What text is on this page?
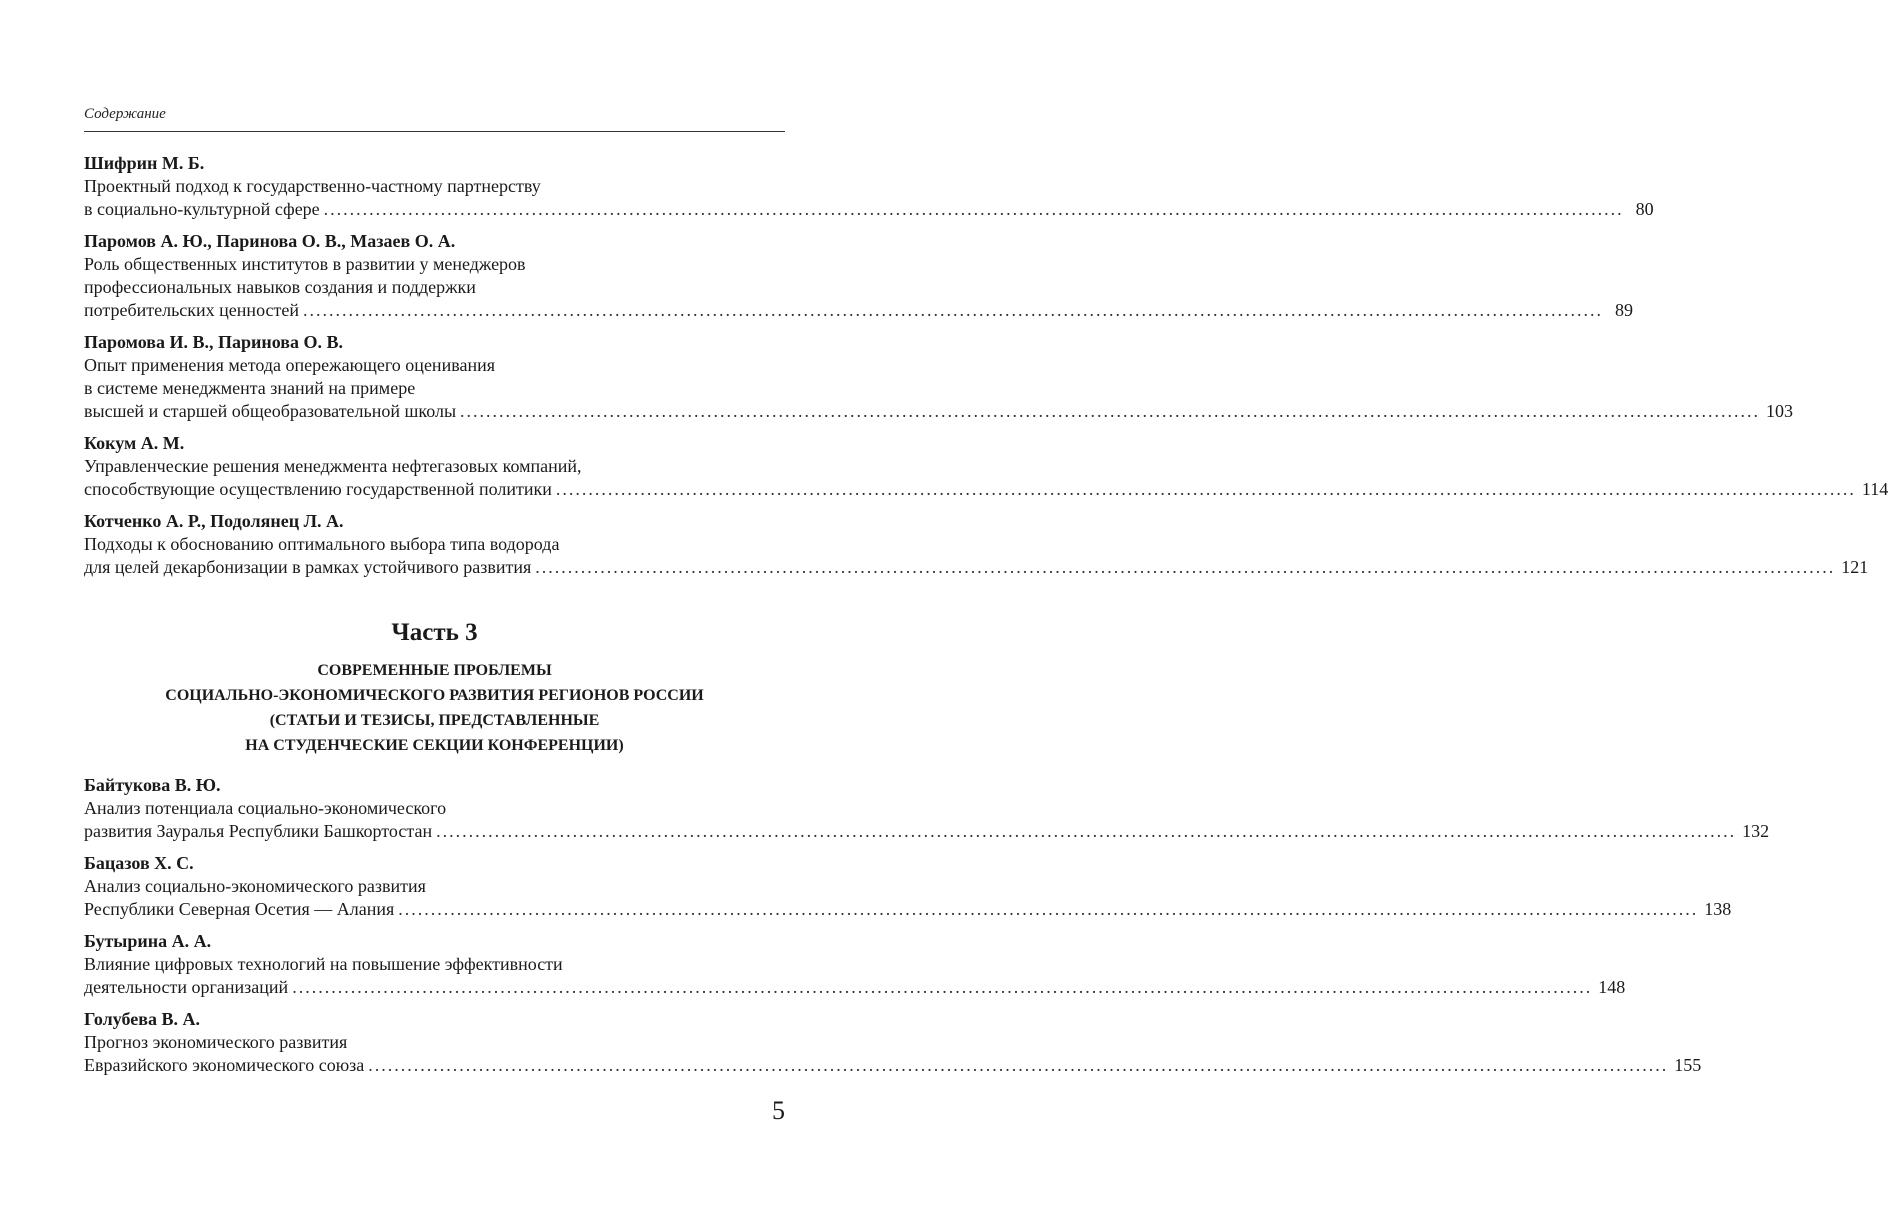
Содержание
Шифрин М. Б.
Проектный подход к государственно-частному партнерству
в социально-культурной сфере ........................................................................................................................................................................................................ 80
Паромов А. Ю., Паринова О. В., Мазаев О. А.
Роль общественных институтов в развитии у менеджеров
профессиональных навыков создания и поддержки
потребительских ценностей ........................................................................................................................................................................................................ 89
Паромова И. В., Паринова О. В.
Опыт применения метода опережающего оценивания
в системе менеджмента знаний на примере
высшей и старшей общеобразовательной школы ........................................................................................................................................................................................................ 103
Кокум А. М.
Управленческие решения менеджмента нефтегазовых компаний,
способствующие осуществлению государственной политики ........................................................................................................................................................................................................ 114
Котченко А. Р., Подолянец Л. А.
Подходы к обоснованию оптимального выбора типа водорода
для целей декарбонизации в рамках устойчивого развития ........................................................................................................................................................................................................ 121
Часть 3
СОВРЕМЕННЫЕ ПРОБЛЕМЫ
СОЦИАЛЬНО-ЭКОНОМИЧЕСКОГО РАЗВИТИЯ РЕГИОНОВ РОССИИ
(СТАТЬИ И ТЕЗИСЫ, ПРЕДСТАВЛЕННЫЕ
НА СТУДЕНЧЕСКИЕ СЕКЦИИ КОНФЕРЕНЦИИ)
Байтукова В. Ю.
Анализ потенциала социально-экономического
развития Зауралья Республики Башкортостан ........................................................................................................................................................................................................ 132
Бацазов Х. С.
Анализ социально-экономического развития
Республики Северная Осетия — Алания ........................................................................................................................................................................................................ 138
Бутырина А. А.
Влияние цифровых технологий на повышение эффективности
деятельности организаций ........................................................................................................................................................................................................ 148
Голубева В. А.
Прогноз экономического развития
Евразийского экономического союза ........................................................................................................................................................................................................ 155
5
